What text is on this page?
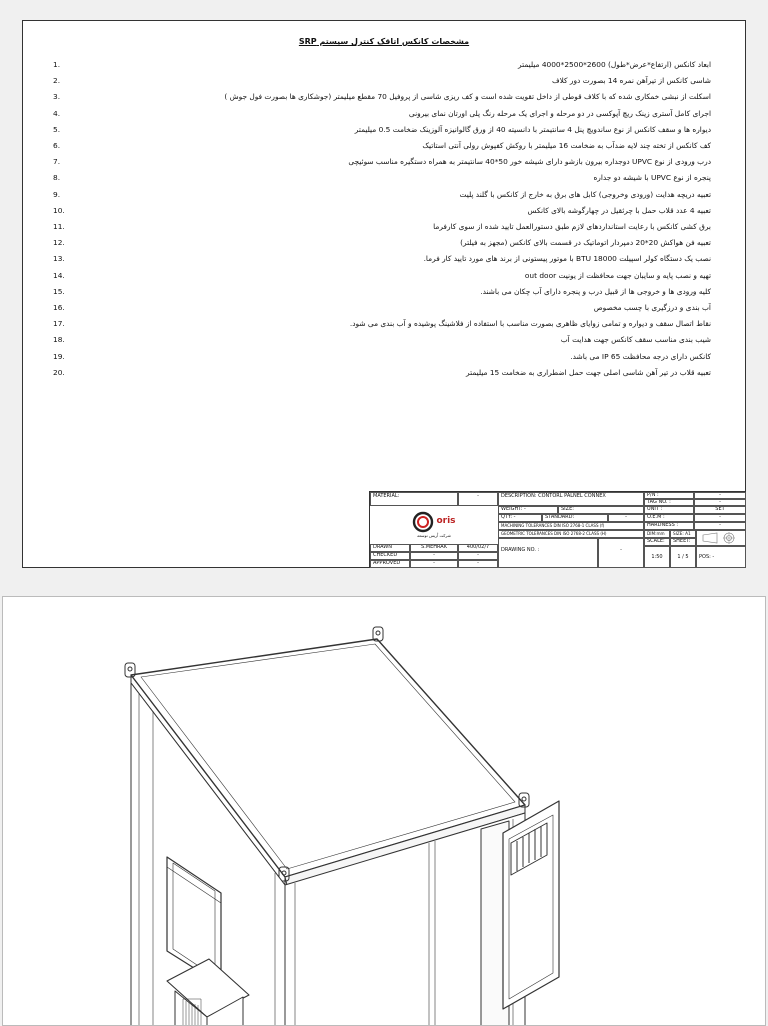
مشخصات کانکس اتاقک کنترل سیستم SRP
ابعاد کانکس (ارتفاع*عرض*طول) 2600*2500*4000 میلیمتر
1.
شاسی کانکس از تیرآهن نمره 14 بصورت دور کلاف
2.
اسکلت از نبشی خمکاری شده که با کلاف قوطی از داخل تقویت شده است و کف ریزی شاسی از پروفیل 70 مقطع میلیمتر (جوشکاری ها بصورت فول جوش )
3.
اجرای کامل آستری زینک ریچ آپوکسی در دو مرحله و اجرای یک مرحله رنگ پلی اورتان نمای بیرونی
4.
دیواره ها و سقف کانکس از نوع ساندویچ پنل 4 سانتیمتر با دانسیته 40 از ورق گالوانیزه آلوزینک ضخامت 0.5 میلیمتر
5.
کف کانکس از تخته چند لایه ضدآب به ضخامت 16 میلیمتر با روکش کفپوش رولی آنتی استاتیک
6.
درب ورودی از نوع UPVC دوجداره بیرون بازشو دارای شیشه خور 50*40 سانتیمتر به همراه دستگیره مناسب سوئیچی
7.
پنجره از نوع UPVC با شیشه دو جداره
8.
تعبیه دریچه هدایت (ورودی وخروجی) کابل های برق به خارج از کانکس با گلند پلیت
9.
تعبیه 4 عدد قلاب حمل با چرثقیل در چهارگوشه بالای کانکس
10.
برق کشی کانکس با رعایت استانداردهای لازم طبق دستورالعمل تایید شده از سوی کارفرما
11.
تعبیه فن هواکش 20*20 دمپردار اتوماتیک در قسمت بالای کانکس (مجهز به فیلتر)
12.
نصب یک دستگاه کولر اسپیلت BTU 18000 با موتور پیستونی از برند های مورد تایید کار فرما.
13.
تهیه و نصب پایه و سایبان جهت محافظت از یونیت out door
14.
کلیه ورودی ها و خروجی ها از قبیل درب و پنجره دارای آب چکان می باشند.
15.
آب بندی و درزگیری با چسب مخصوص
16.
نقاط اتصال سقف و دیواره و تمامی زوایای ظاهری بصورت مناسب با استفاده از فلاشینگ پوشیده و آب بندی می شود.
17.
شیب بندی مناسب سقف کانکس جهت هدایت آب
18.
کانکس دارای درجه محافظت IP 65 می باشد.
19.
تعبیه قلاب در تیر آهن شاسی اصلی جهت حمل اضطراری به ضخامت 15 میلیمتر
20.
MATERIAL:	-	DESCRIPTION: CONTORL PALNEL CONNEX	P/N :	-
TAG NO. :	-
oris
شرکت اُریس توسعه
WEIGHT: -	SIZE:
QTY: -	STANDARD:	-
MACHINING TOLERANCES DIN ISO 2768-1 CLASS (f)
GEOMETRIC TOLERANCES DIN ISO 2768-2 CLASS (H)
DRAWING NO. :	-
UNIT :	SET
O.E.M :	-
HARDNESS :	-
DIM:mm	SIZE: A1
SCALE:	SHEET:
1:50	1 / 5	POS: -
DRAWN	S.MEHRAK	400/02/7
CHECKED	-	-
APPROVED	-	-
